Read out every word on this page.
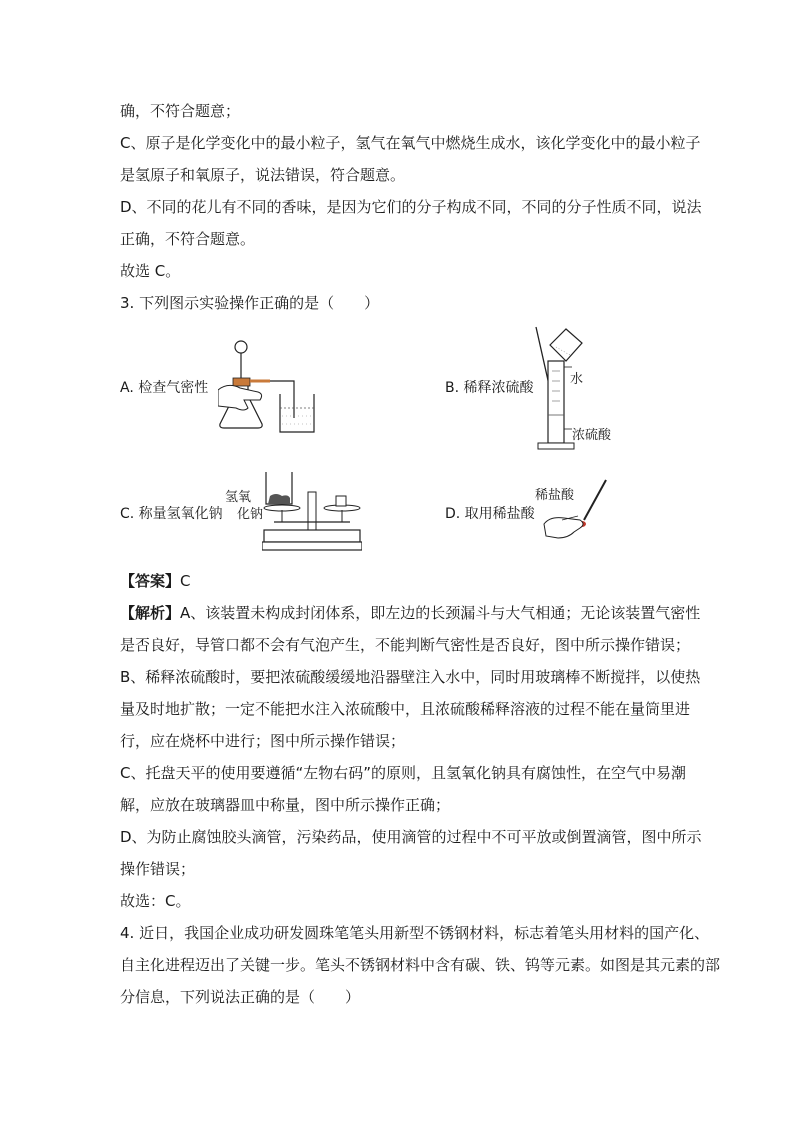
确，不符合题意；
C、原子是化学变化中的最小粒子，氢气在氧气中燃烧生成水，该化学变化中的最小粒子
是氢原子和氧原子，说法错误，符合题意。
D、不同的花儿有不同的香味，是因为它们的分子构成不同，不同的分子性质不同，说法
正确，不符合题意。
故选 C。
3. 下列图示实验操作正确的是（　　）
A. 检查气密性	B. 稀释浓硫酸
水
浓硫酸
C. 称量氢氧化钠
氢氧
化钠	D. 取用稀盐酸
稀盐酸
【答案】C
【解析】A、该装置未构成封闭体系，即左边的长颈漏斗与大气相通；无论该装置气密性
是否良好，导管口都不会有气泡产生，不能判断气密性是否良好，图中所示操作错误；
B、稀释浓硫酸时，要把浓硫酸缓缓地沿器壁注入水中，同时用玻璃棒不断搅拌，以使热
量及时地扩散；一定不能把水注入浓硫酸中，且浓硫酸稀释溶液的过程不能在量筒里进
行，应在烧杯中进行；图中所示操作错误；
C、托盘天平的使用要遵循“左物右码”的原则，且氢氧化钠具有腐蚀性，在空气中易潮
解，应放在玻璃器皿中称量，图中所示操作正确；
D、为防止腐蚀胶头滴管，污染药品，使用滴管的过程中不可平放或倒置滴管，图中所示
操作错误；
故选：C。
4. 近日，我国企业成功研发圆珠笔笔头用新型不锈钢材料，标志着笔头用材料的国产化、
自主化进程迈出了关键一步。笔头不锈钢材料中含有碳、铁、钨等元素。如图是其元素的部
分信息，下列说法正确的是（　　）
